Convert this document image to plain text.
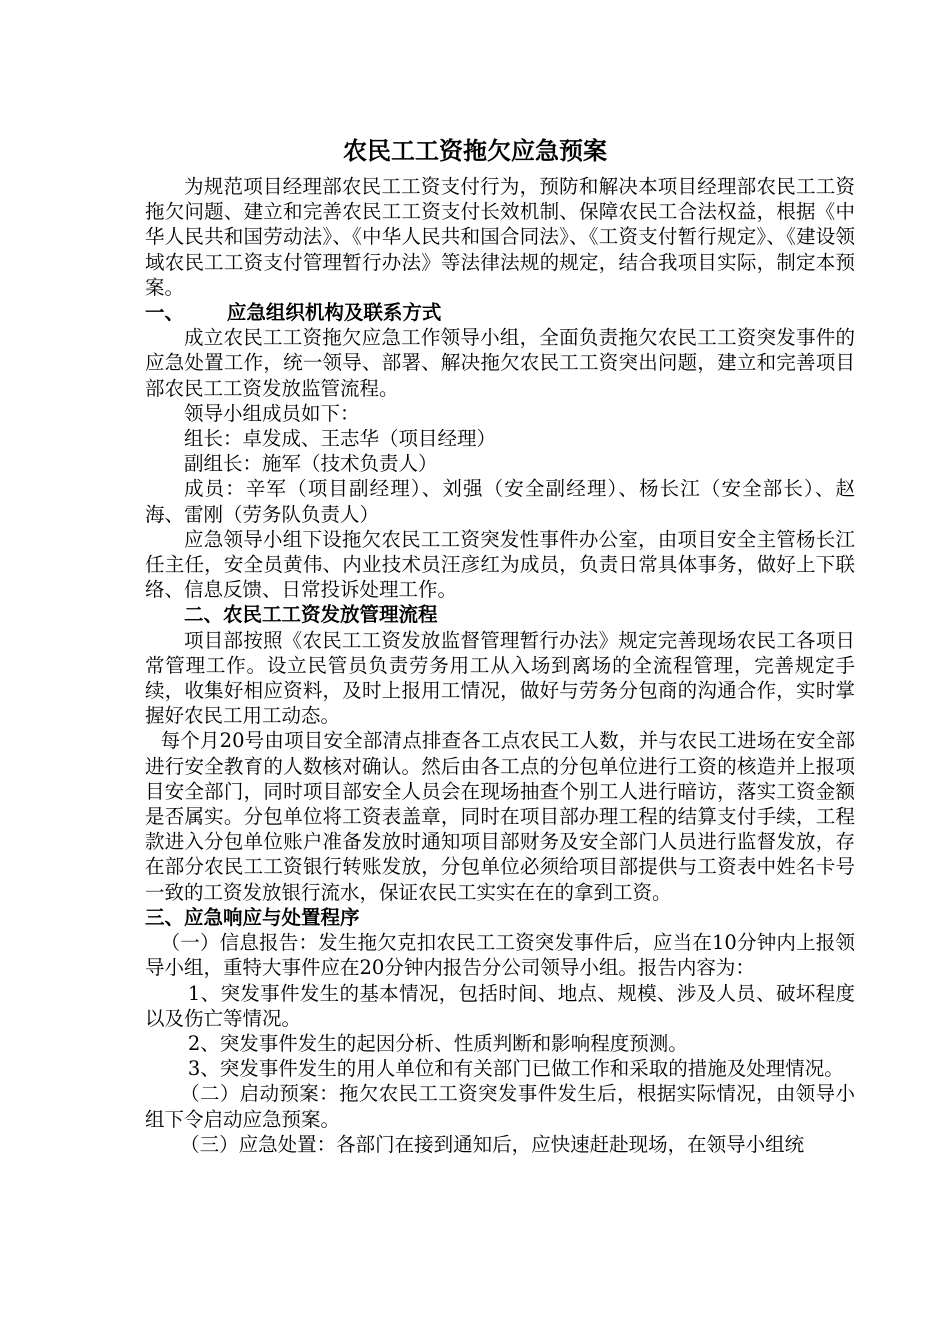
农民工工资拖欠应急预案

为规范项目经理部农民工工资支付行为，预防和解决本项目经理部农民工工资拖欠问题、建立和完善农民工工资支付长效机制、保障农民工合法权益，根据《中华人民共和国劳动法》、《中华人民共和国合同法》、《工资支付暂行规定》、《建设领域农民工工资支付管理暂行办法》等法律法规的规定，结合我项目实际，制定本预案。

一、 应急组织机构及联系方式

成立农民工工资拖欠应急工作领导小组，全面负责拖欠农民工工资突发事件的应急处置工作，统一领导、部署、解决拖欠农民工工资突出问题，建立和完善项目部农民工工资发放监管流程。

领导小组成员如下：

组长：卓发成、王志华（项目经理）

副组长：施军（技术负责人）

成员：辛军（项目副经理）、刘强（安全副经理）、杨长江（安全部长）、赵海、雷刚（劳务队负责人）

应急领导小组下设拖欠农民工工资突发性事件办公室，由项目安全主管杨长江任主任，安全员黄伟、内业技术员汪彦红为成员，负责日常具体事务，做好上下联络、信息反馈、日常投诉处理工作。

二、农民工工资发放管理流程

项目部按照《农民工工资发放监督管理暂行办法》规定完善现场农民工各项日常管理工作。设立民管员负责劳务用工从入场到离场的全流程管理，完善规定手续，收集好相应资料，及时上报用工情况，做好与劳务分包商的沟通合作，实时掌握好农民工用工动态。

每个月20号由项目安全部清点排查各工点农民工人数，并与农民工进场在安全部进行安全教育的人数核对确认。然后由各工点的分包单位进行工资的核造并上报项目安全部门，同时项目部安全人员会在现场抽查个别工人进行暗访，落实工资金额是否属实。分包单位将工资表盖章，同时在项目部办理工程的结算支付手续，工程款进入分包单位账户准备发放时通知项目部财务及安全部门人员进行监督发放，存在部分农民工工资银行转账发放，分包单位必须给项目部提供与工资表中姓名卡号一致的工资发放银行流水，保证农民工实实在在的拿到工资。

三、应急响应与处置程序

（一）信息报告：发生拖欠克扣农民工工资突发事件后，应当在10分钟内上报领导小组，重特大事件应在20分钟内报告分公司领导小组。报告内容为：

1、突发事件发生的基本情况，包括时间、地点、规模、涉及人员、破坏程度以及伤亡等情况。

2、突发事件发生的起因分析、性质判断和影响程度预测。

3、突发事件发生的用人单位和有关部门已做工作和采取的措施及处理情况。

（二）启动预案：拖欠农民工工资突发事件发生后，根据实际情况，由领导小组下令启动应急预案。

（三）应急处置：各部门在接到通知后，应快速赶赴现场，在领导小组统
